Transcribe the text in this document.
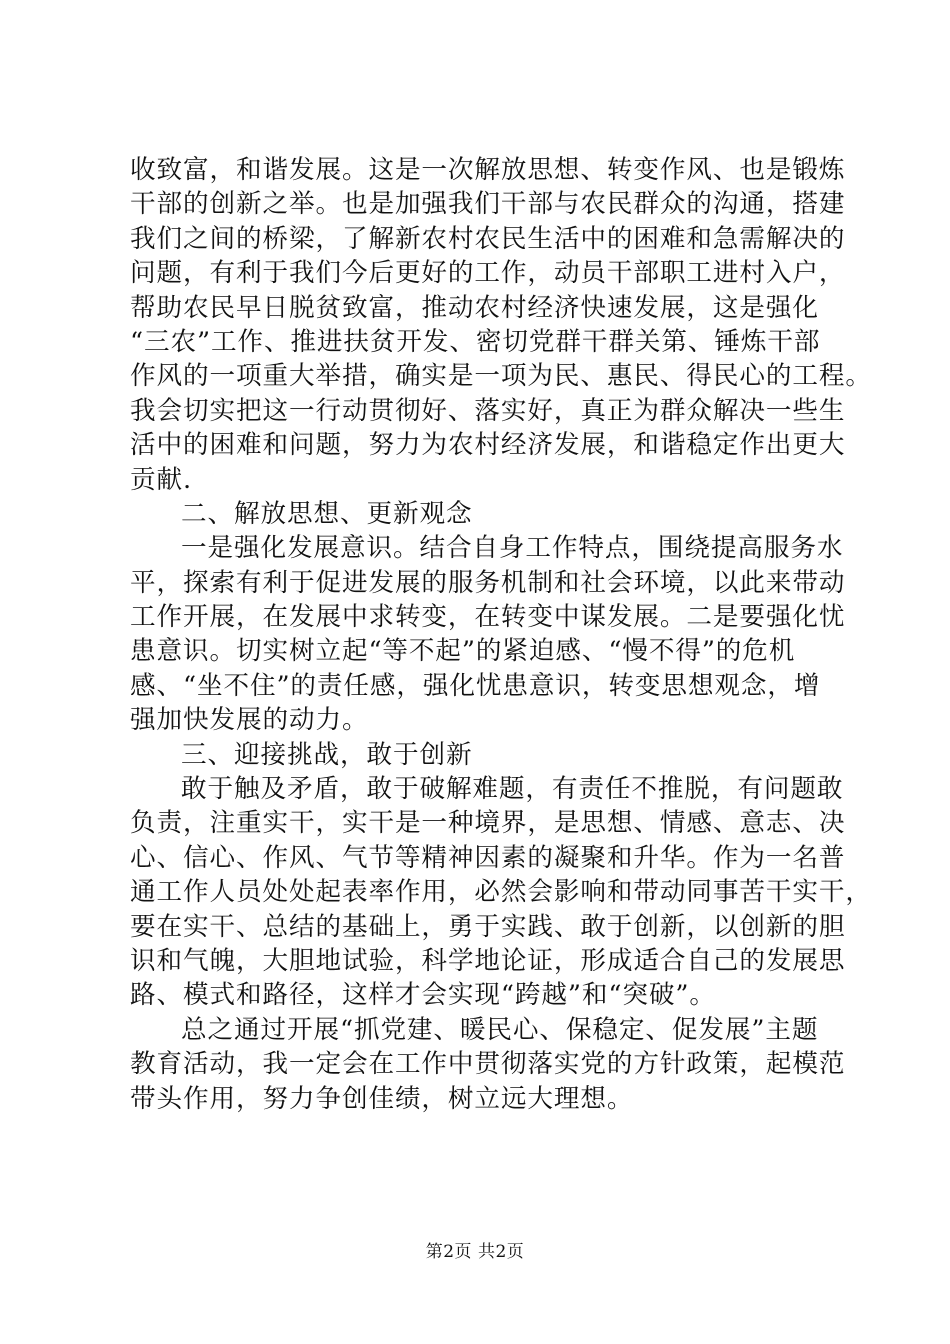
收致富，和谐发展。这是一次解放思想、转变作风、也是锻炼
干部的创新之举。也是加强我们干部与农民群众的沟通，搭建
我们之间的桥梁，了解新农村农民生活中的困难和急需解决的
问题，有利于我们今后更好的工作，动员干部职工进村入户，
帮助农民早日脱贫致富，推动农村经济快速发展，这是强化
“三农”工作、推进扶贫开发、密切党群干群关第、锤炼干部
作风的一项重大举措，确实是一项为民、惠民、得民心的工程。
我会切实把这一行动贯彻好、落实好，真正为群众解决一些生
活中的困难和问题，努力为农村经济发展，和谐稳定作出更大
贡献.
二、解放思想、更新观念
一是强化发展意识。结合自身工作特点，围绕提高服务水
平，探索有利于促进发展的服务机制和社会环境，以此来带动
工作开展，在发展中求转变，在转变中谋发展。二是要强化忧
患意识。切实树立起“等不起”的紧迫感、“慢不得”的危机
感、“坐不住”的责任感，强化忧患意识，转变思想观念，增
强加快发展的动力。
三、迎接挑战，敢于创新
敢于触及矛盾，敢于破解难题，有责任不推脱，有问题敢
负责，注重实干，实干是一种境界，是思想、情感、意志、决
心、信心、作风、气节等精神因素的凝聚和升华。作为一名普
通工作人员处处起表率作用，必然会影响和带动同事苦干实干，
要在实干、总结的基础上，勇于实践、敢于创新，以创新的胆
识和气魄，大胆地试验，科学地论证，形成适合自己的发展思
路、模式和路径，这样才会实现“跨越”和“突破”。
总之通过开展“抓党建、暖民心、保稳定、促发展”主题
教育活动，我一定会在工作中贯彻落实党的方针政策，起模范
带头作用，努力争创佳绩，树立远大理想。
第2页 共2页
